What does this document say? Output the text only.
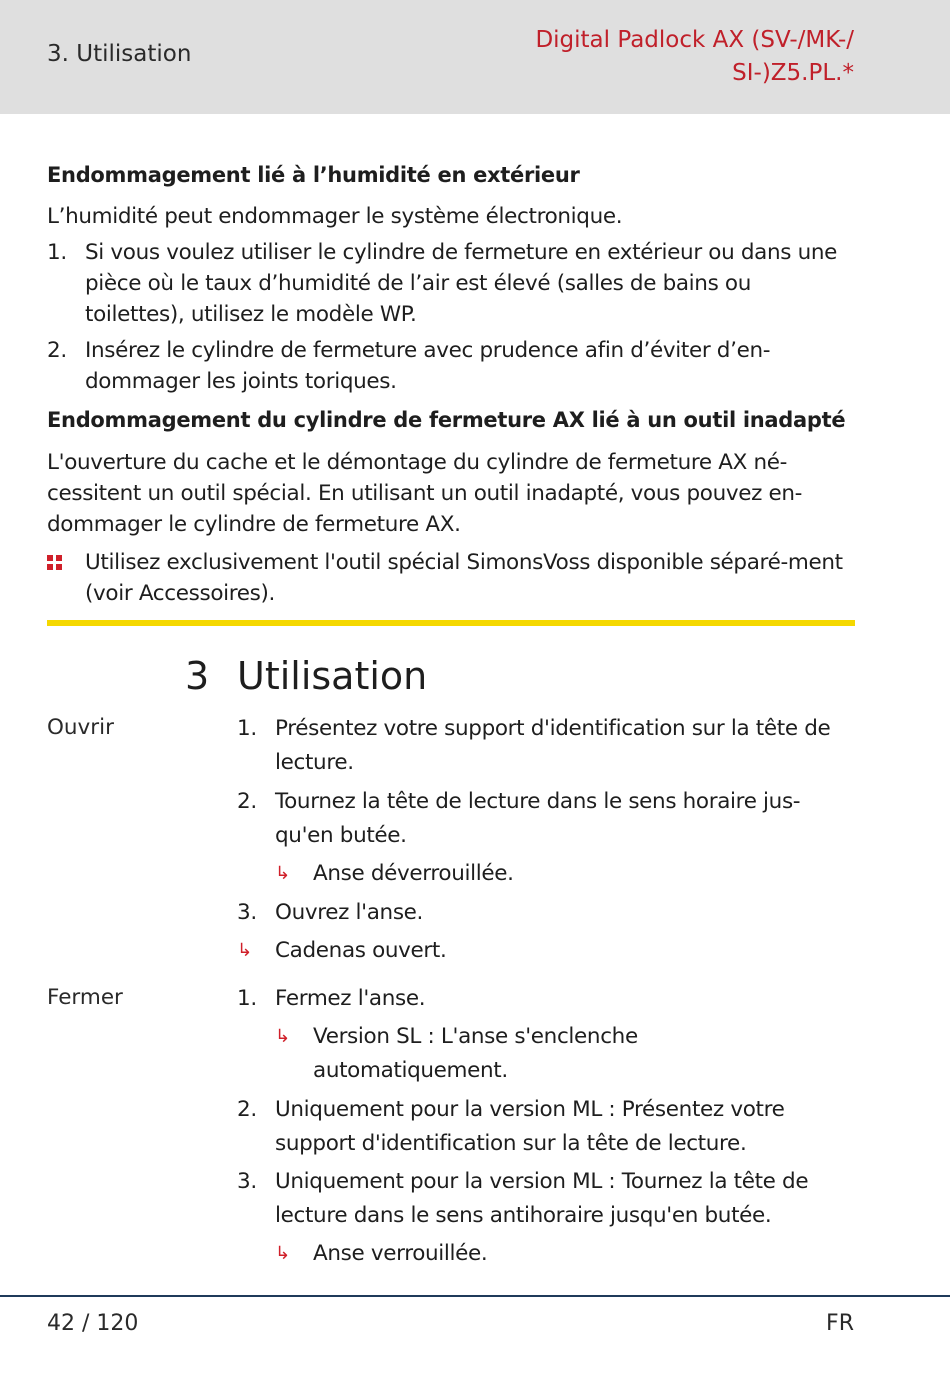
3. Utilisation
Digital Padlock AX (SV-/MK-/
SI-)Z5.PL.*
Endommagement lié à l’humidité en extérieur
L’humidité peut endommager le système électronique.
1. Si vous voulez utiliser le cylindre de fermeture en extérieur ou dans une pièce où le taux d’humidité de l’air est élevé (salles de bains ou toilettes), utilisez le modèle WP.
2. Insérez le cylindre de fermeture avec prudence afin d’éviter d’en-dommager les joints toriques.
Endommagement du cylindre de fermeture AX lié à un outil inadapté
L'ouverture du cache et le démontage du cylindre de fermeture AX né-cessitent un outil spécial. En utilisant un outil inadapté, vous pouvez en-dommager le cylindre de fermeture AX.
Utilisez exclusivement l'outil spécial SimonsVoss disponible séparé-ment (voir Accessoires).
3 Utilisation
Ouvrir	1. Présentez votre support d'identification sur la tête de lecture.
2. Tournez la tête de lecture dans le sens horaire jus-qu'en butée.
↳ Anse déverrouillée.
3. Ouvrez l'anse.
↳ Cadenas ouvert.
Fermer	1. Fermez l'anse.
↳ Version SL : L'anse s'enclenche automatiquement.
2. Uniquement pour la version ML : Présentez votre support d'identification sur la tête de lecture.
3. Uniquement pour la version ML : Tournez la tête de lecture dans le sens antihoraire jusqu'en butée.
↳ Anse verrouillée.
42 / 120	FR
